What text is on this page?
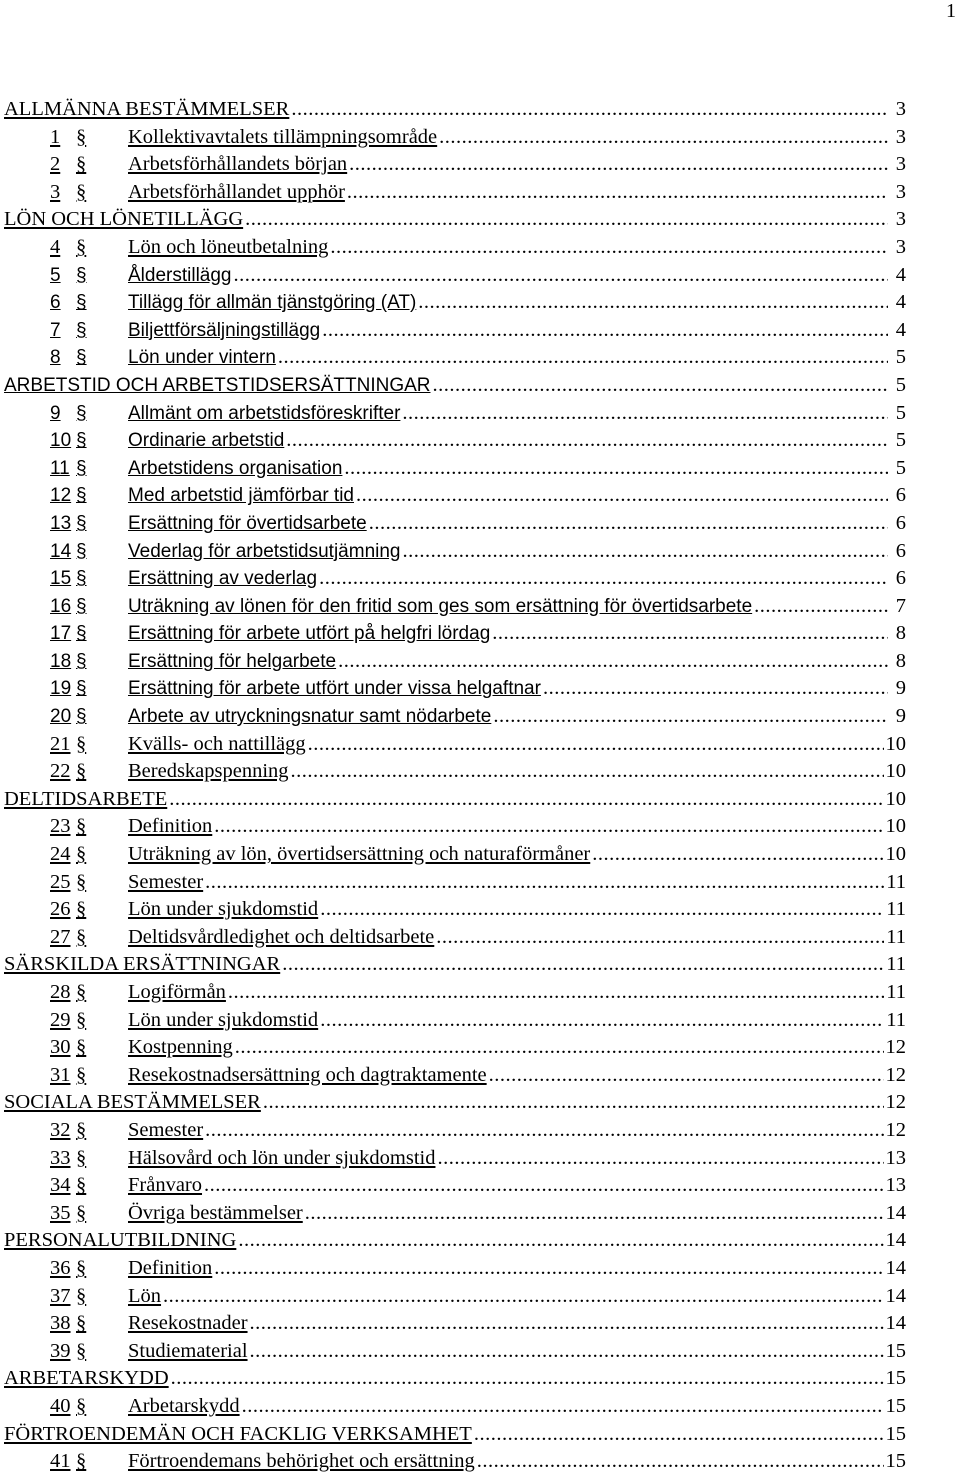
1
ALLMÄNNA BESTÄMMELSER .....	3
1 §	Kollektivavtalets tillämpningsområde .....	3
2 §	Arbetsförhållandets början .....	3
3 §	Arbetsförhållandet upphör .....	3
LÖN OCH LÖNETILLÄGG .....	3
4 §	Lön och löneutbetalning .....	3
5 §	Ålderstillägg .....	4
6 §	Tillägg för allmän tjänstgöring (AT) .....	4
7 §	Biljettförsäljningstillägg .....	4
8 §	Lön under vintern .....	5
ARBETSTID OCH ARBETSTIDSERSÄTTNINGAR .....	5
9 §	Allmänt om arbetstidsföreskrifter .....	5
10 §	Ordinarie arbetstid .....	5
11 §	Arbetstidens organisation .....	5
12 §	Med arbetstid jämförbar tid .....	6
13 §	Ersättning för övertidsarbete .....	6
14 §	Vederlag för arbetstidsutjämning .....	6
15 §	Ersättning av vederlag .....	6
16 §	Uträkning av lönen för den fritid som ges som ersättning för övertidsarbete .....	7
17 §	Ersättning för arbete utfört på helgfri lördag .....	8
18 §	Ersättning för helgarbete .....	8
19 §	Ersättning för arbete utfört under vissa helgaftnar .....	9
20 §	Arbete av utryckningsnatur samt nödarbete .....	9
21 §	Kvälls- och nattillägg .....	10
22 §	Beredskapspenning .....	10
DELTIDSARBETE .....	10
23 §	Definition .....	10
24 §	Uträkning av lön, övertidsersättning och naturaförmåner .....	10
25 §	Semester .....	11
26 §	Lön under sjukdomstid .....	11
27 §	Deltidsvårdledighet och deltidsarbete .....	11
SÄRSKILDA ERSÄTTNINGAR .....	11
28 §	Logiförmån .....	11
29 §	Lön under sjukdomstid .....	11
30 §	Kostpenning .....	12
31 §	Resekostnadsersättning och dagtraktamente .....	12
SOCIALA BESTÄMMELSER .....	12
32 §	Semester .....	12
33 §	Hälsovård och lön under sjukdomstid .....	13
34 §	Frånvaro .....	13
35 §	Övriga bestämmelser .....	14
PERSONALUTBILDNING .....	14
36 §	Definition .....	14
37 §	Lön .....	14
38 §	Resekostnader .....	14
39 §	Studiematerial .....	15
ARBETARSKYDD .....	15
40 §	Arbetarskydd .....	15
FÖRTROENDEMÄN OCH FACKLIG VERKSAMHET .....	15
41 §	Förtroendemans behörighet och ersättning .....	15
